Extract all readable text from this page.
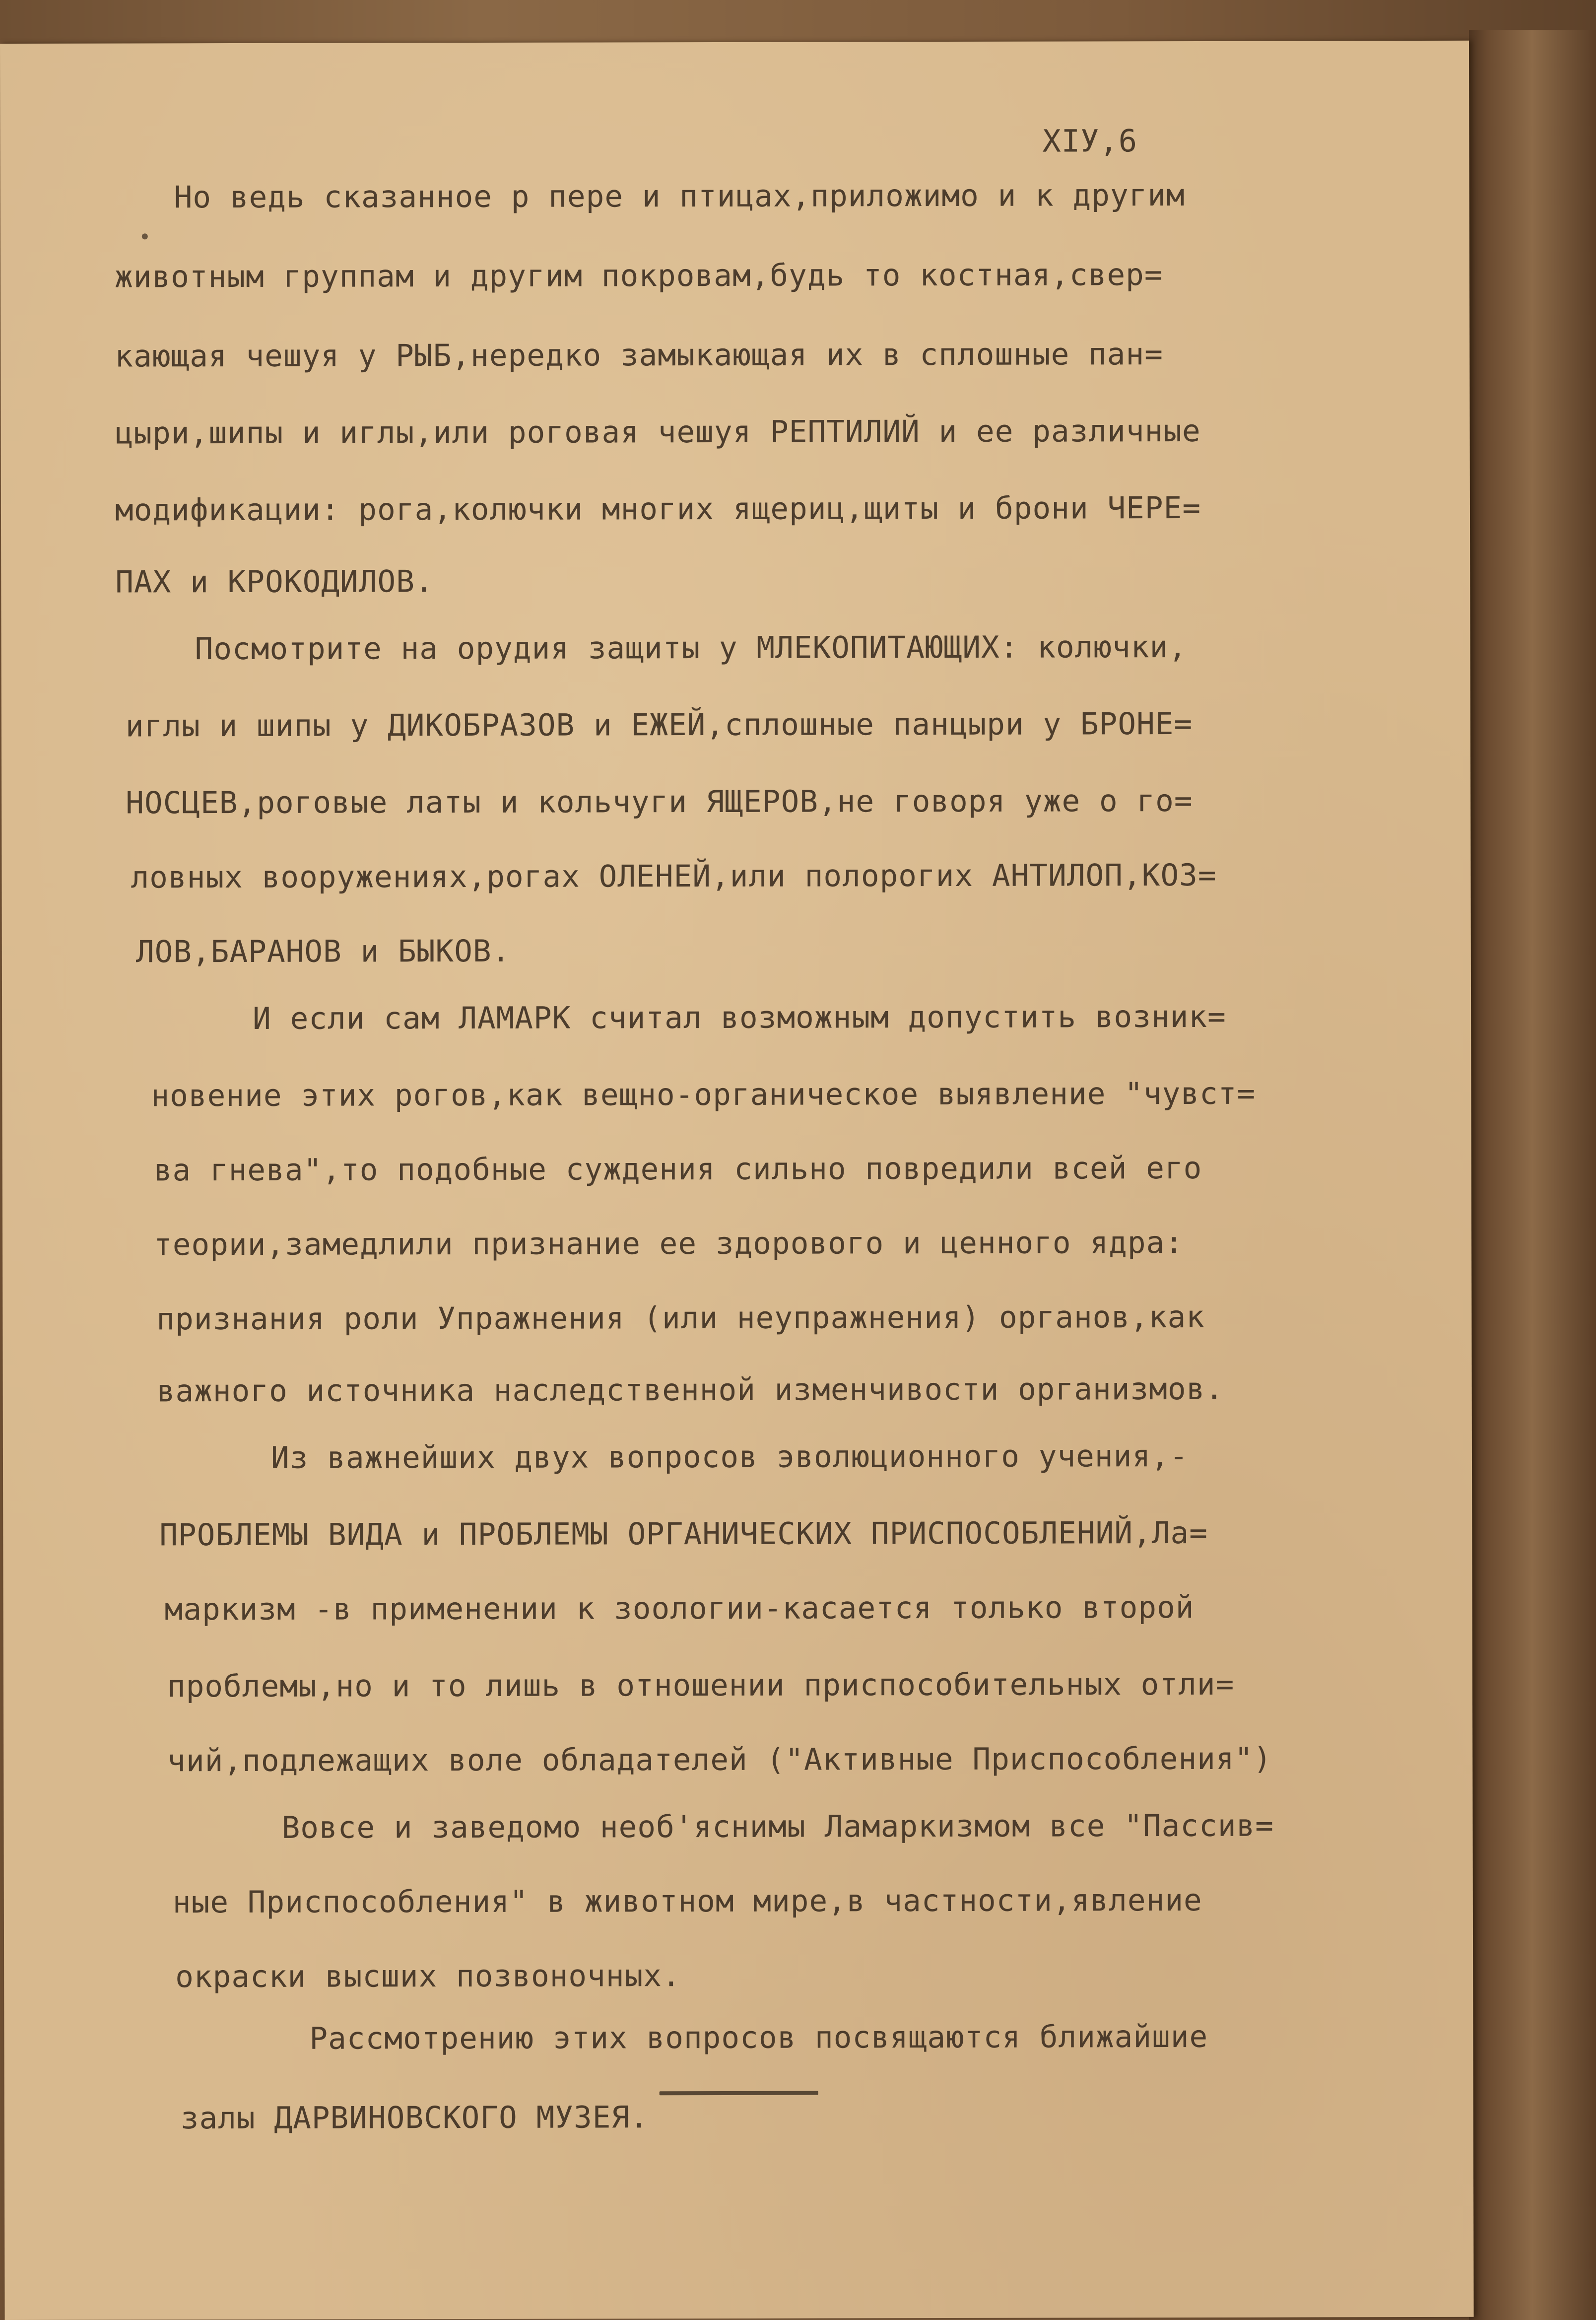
XIУ,6
Но ведь сказанное р пере и птицах,приложимо и к другим
животным группам и другим покровам,будь то костная,свер=
кающая чешуя у РЫБ,нередко замыкающая их в сплошные пан=
цыри,шипы и иглы,или роговая чешуя РЕПТИЛИЙ и ее различные
модификации: рога,колючки многих ящериц,щиты и брони ЧЕРЕ=
ПАХ и КРОКОДИЛОВ.
Посмотрите на орудия защиты у МЛЕКОПИТАЮЩИХ: колючки,
иглы и шипы у ДИКОБРАЗОВ и ЕЖЕЙ,сплошные панцыри у БРОНЕ=
НОСЦЕВ,роговые латы и кольчуги ЯЩЕРОВ,не говоря уже о го=
ловных вооружениях,рогах ОЛЕНЕЙ,или полорогих АНТИЛОП,КОЗ=
ЛОВ,БАРАНОВ и БЫКОВ.
И если сам ЛАМАРК считал возможным допустить возник=
новение этих рогов,как вещно-органическое выявление "чувст=
ва гнева",то подобные суждения сильно повредили всей его
теории,замедлили признание ее здорового и ценного ядра:
признания роли Упражнения (или неупражнения) органов,как
важного источника наследственной изменчивости организмов.
Из важнейших двух вопросов эволюционного учения,-
ПРОБЛЕМЫ ВИДА и ПРОБЛЕМЫ ОРГАНИЧЕСКИХ ПРИСПОСОБЛЕНИЙ,Ла=
маркизм -в применении к зоологии-касается только второй
проблемы,но и то лишь в отношении приспособительных отли=
чий,подлежащих воле обладателей ("Активные Приспособления")
Вовсе и заведомо необ'яснимы Ламаркизмом все "Пассив=
ные Приспособления" в животном мире,в частности,явление
окраски высших позвоночных.
Рассмотрению этих вопросов посвящаются ближайшие
залы ДАРВИНОВСКОГО МУЗЕЯ.
